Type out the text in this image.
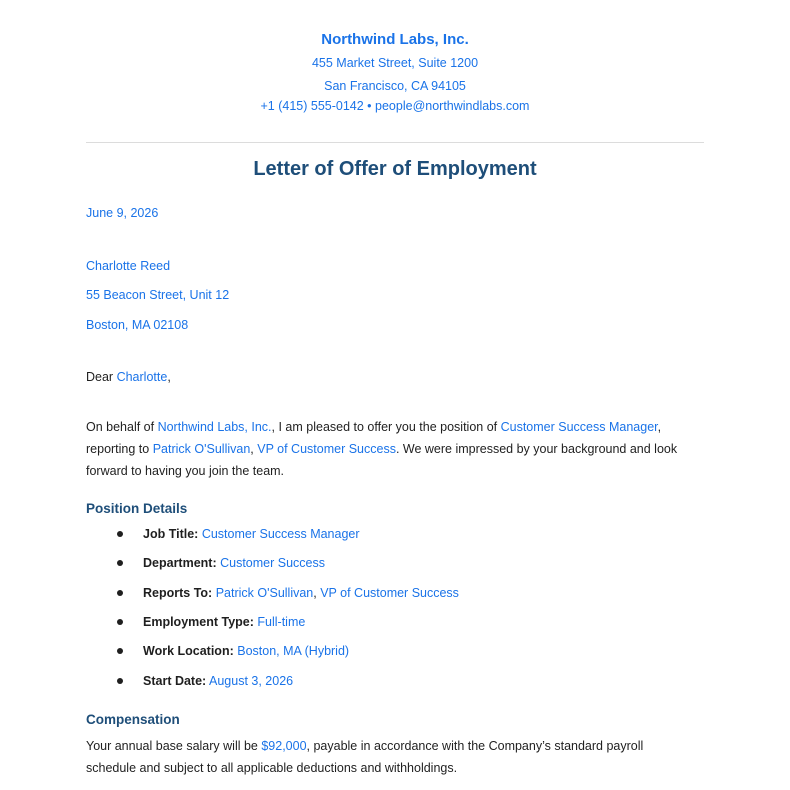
Northwind Labs, Inc.
455 Market Street, Suite 1200
San Francisco, CA 94105
+1 (415) 555-0142 • people@northwindlabs.com
Letter of Offer of Employment
June 9, 2026
Charlotte Reed
55 Beacon Street, Unit 12
Boston, MA 02108
Dear Charlotte,
On behalf of Northwind Labs, Inc., I am pleased to offer you the position of Customer Success Manager,
reporting to Patrick O'Sullivan, VP of Customer Success. We were impressed by your background and look
forward to having you join the team.
Position Details
Job Title: Customer Success Manager
Department: Customer Success
Reports To: Patrick O'Sullivan, VP of Customer Success
Employment Type: Full-time
Work Location: Boston, MA (Hybrid)
Start Date: August 3, 2026
Compensation
Your annual base salary will be $92,000, payable in accordance with the Company’s standard payroll
schedule and subject to all applicable deductions and withholdings.
